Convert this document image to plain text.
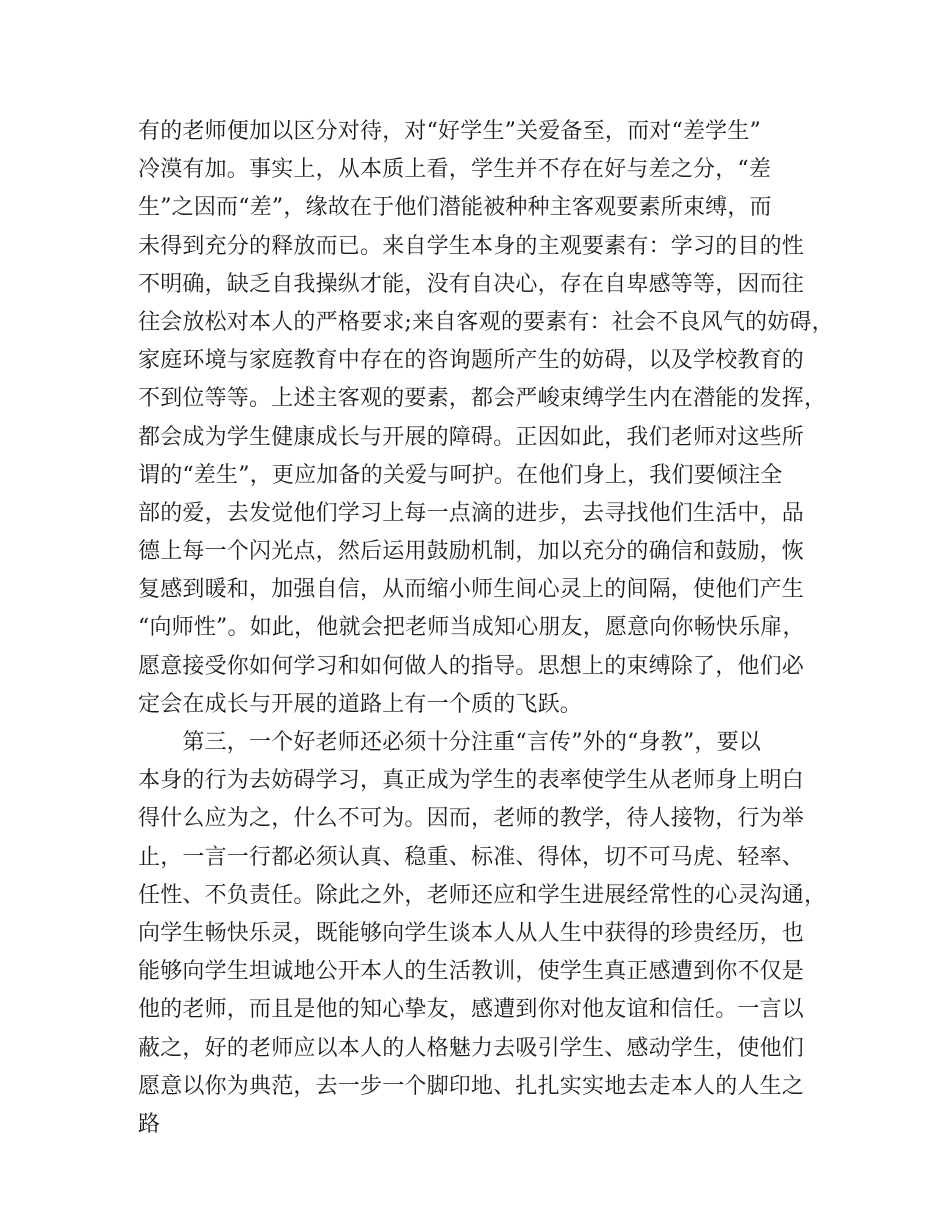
有的老师便加以区分对待，对“好学生”关爱备至，而对“差学生”
冷漠有加。事实上，从本质上看，学生并不存在好与差之分，“差
生”之因而“差”，缘故在于他们潜能被种种主客观要素所束缚，而
未得到充分的释放而已。来自学生本身的主观要素有：学习的目的性
不明确，缺乏自我操纵才能，没有自决心，存在自卑感等等，因而往
往会放松对本人的严格要求;来自客观的要素有：社会不良风气的妨碍，
家庭环境与家庭教育中存在的咨询题所产生的妨碍，以及学校教育的
不到位等等。上述主客观的要素，都会严峻束缚学生内在潜能的发挥，
都会成为学生健康成长与开展的障碍。正因如此，我们老师对这些所
谓的“差生”，更应加备的关爱与呵护。在他们身上，我们要倾注全
部的爱，去发觉他们学习上每一点滴的进步，去寻找他们生活中，品
德上每一个闪光点，然后运用鼓励机制，加以充分的确信和鼓励，恢
复感到暖和，加强自信，从而缩小师生间心灵上的间隔，使他们产生
“向师性”。如此，他就会把老师当成知心朋友，愿意向你畅快乐扉，
愿意接受你如何学习和如何做人的指导。思想上的束缚除了，他们必
定会在成长与开展的道路上有一个质的飞跃。
　　第三，一个好老师还必须十分注重“言传”外的“身教”，要以
本身的行为去妨碍学习，真正成为学生的表率使学生从老师身上明白
得什么应为之，什么不可为。因而，老师的教学，待人接物，行为举
止，一言一行都必须认真、稳重、标准、得体，切不可马虎、轻率、
任性、不负责任。除此之外，老师还应和学生进展经常性的心灵沟通，
向学生畅快乐灵，既能够向学生谈本人从人生中获得的珍贵经历，也
能够向学生坦诚地公开本人的生活教训，使学生真正感遭到你不仅是
他的老师，而且是他的知心挚友，感遭到你对他友谊和信任。一言以
蔽之，好的老师应以本人的人格魅力去吸引学生、感动学生，使他们
愿意以你为典范，去一步一个脚印地、扎扎实实地去走本人的人生之
路
